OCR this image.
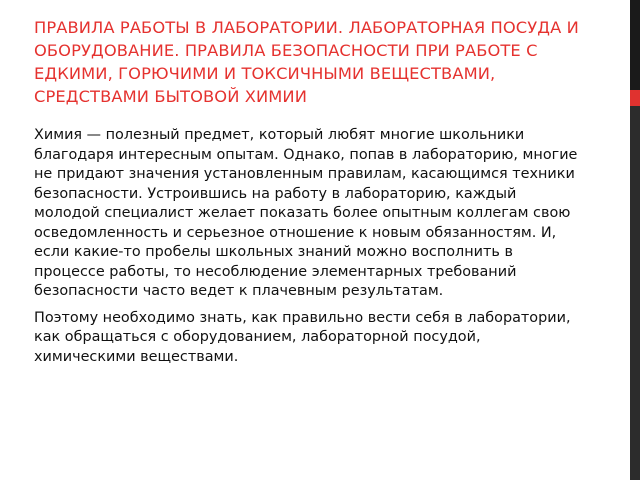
ПРАВИЛА РАБОТЫ В ЛАБОРАТОРИИ. ЛАБОРАТОРНАЯ ПОСУДА И ОБОРУДОВАНИЕ. ПРАВИЛА БЕЗОПАСНОСТИ ПРИ РАБОТЕ С ЕДКИМИ, ГОРЮЧИМИ И ТОКСИЧНЫМИ ВЕЩЕСТВАМИ, СРЕДСТВАМИ БЫТОВОЙ ХИМИИ

Химия — полезный предмет, который любят многие школьники благодаря интересным опытам. Однако, попав в лабораторию, многие не придают значения установленным правилам, касающимся техники безопасности. Устроившись на работу в лабораторию, каждый молодой специалист желает показать более опытным коллегам свою осведомленность и серьезное отношение к новым обязанностям. И, если какие-то пробелы школьных знаний можно восполнить в процессе работы, то несоблюдение элементарных требований безопасности часто ведет к плачевным результатам.

Поэтому необходимо знать, как правильно вести себя в лаборатории, как обращаться с оборудованием, лабораторной посудой, химическими веществами.
